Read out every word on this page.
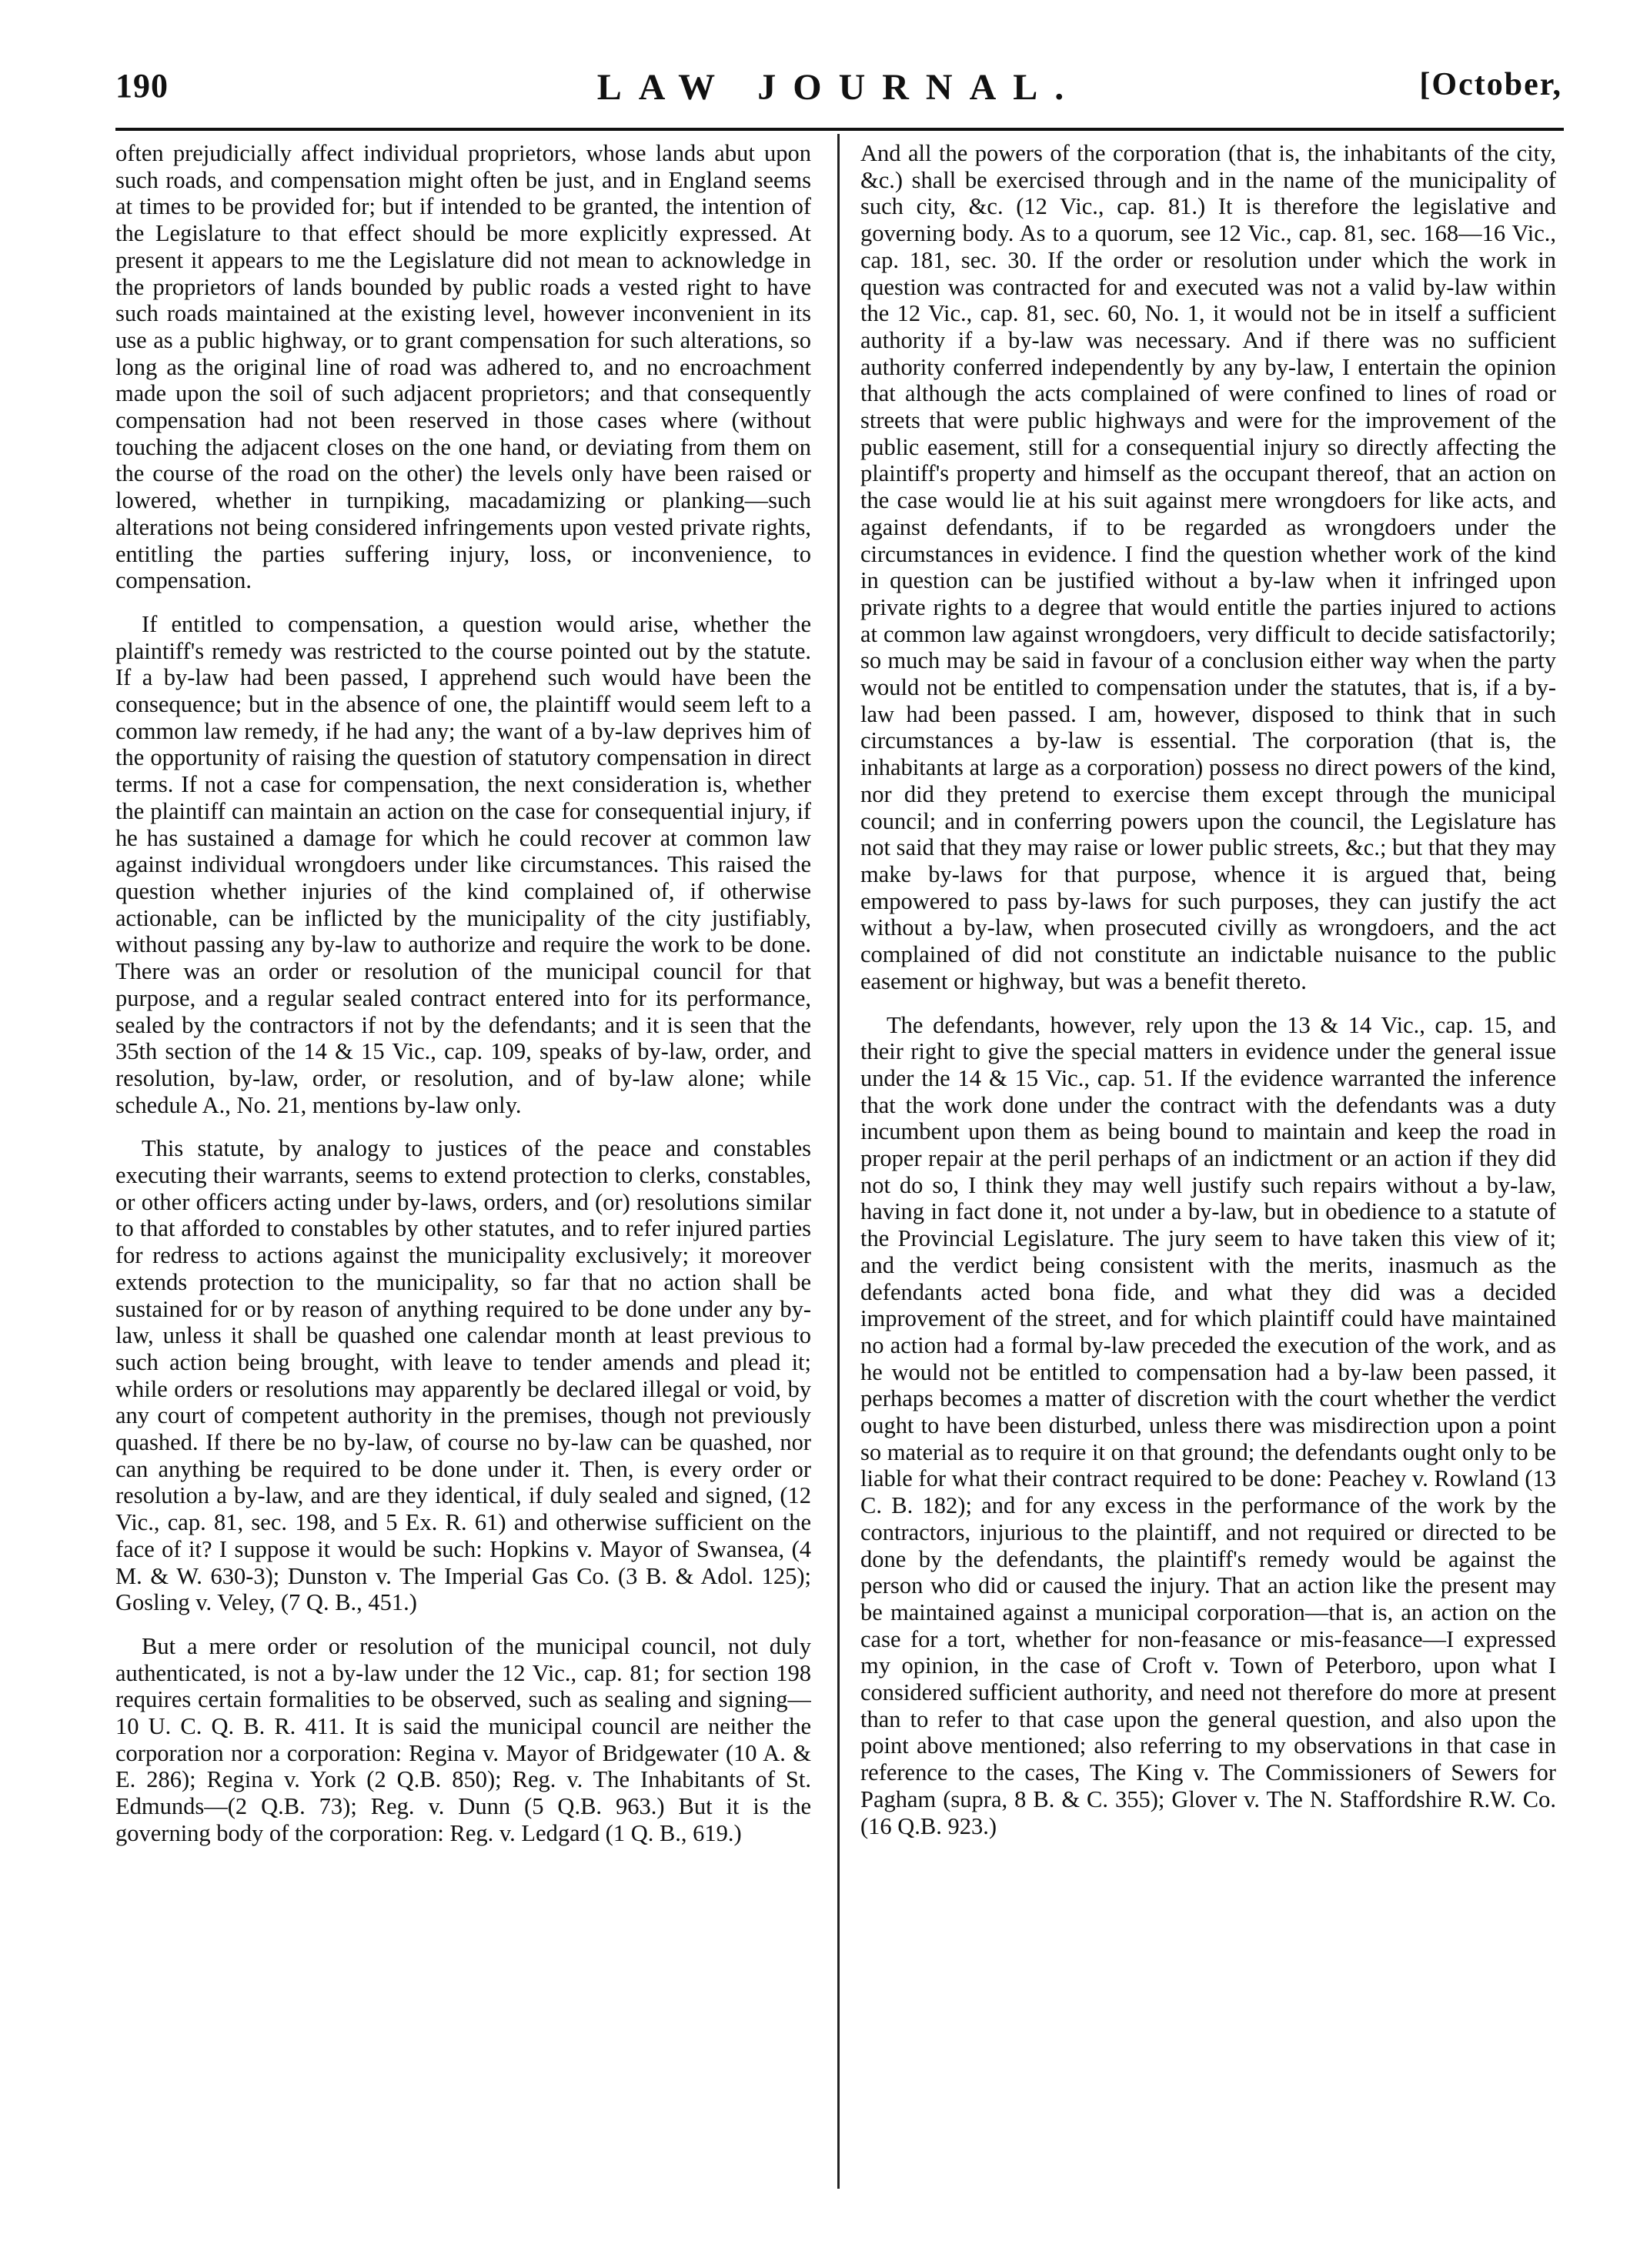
190	LAW JOURNAL.	[October,

often prejudicially affect individual proprietors, whose lands abut upon such roads, and compensation might often be just, and in England seems at times to be provided for; but if intended to be granted, the intention of the Legislature to that effect should be more explicitly expressed. At present it appears to me the Legislature did not mean to acknowledge in the proprietors of lands bounded by public roads a vested right to have such roads maintained at the existing level, however inconvenient in its use as a public highway, or to grant compensation for such alterations, so long as the original line of road was adhered to, and no encroachment made upon the soil of such adjacent proprietors; and that consequently compensation had not been reserved in those cases where (without touching the adjacent closes on the one hand, or deviating from them on the course of the road on the other) the levels only have been raised or lowered, whether in turnpiking, macadamizing or planking—such alterations not being considered infringements upon vested private rights, entitling the parties suffering injury, loss, or inconvenience, to compensation.

If entitled to compensation, a question would arise, whether the plaintiff's remedy was restricted to the course pointed out by the statute. If a by-law had been passed, I apprehend such would have been the consequence; but in the absence of one, the plaintiff would seem left to a common law remedy, if he had any; the want of a by-law deprives him of the opportunity of raising the question of statutory compensation in direct terms. If not a case for compensation, the next consideration is, whether the plaintiff can maintain an action on the case for consequential injury, if he has sustained a damage for which he could recover at common law against individual wrongdoers under like circumstances. This raised the question whether injuries of the kind complained of, if otherwise actionable, can be inflicted by the municipality of the city justifiably, without passing any by-law to authorize and require the work to be done. There was an order or resolution of the municipal council for that purpose, and a regular sealed contract entered into for its performance, sealed by the contractors if not by the defendants; and it is seen that the 35th section of the 14 & 15 Vic., cap. 109, speaks of by-law, order, and resolution, by-law, order, or resolution, and of by-law alone; while schedule A., No. 21, mentions by-law only.

This statute, by analogy to justices of the peace and constables executing their warrants, seems to extend protection to clerks, constables, or other officers acting under by-laws, orders, and (or) resolutions similar to that afforded to constables by other statutes, and to refer injured parties for redress to actions against the municipality exclusively; it moreover extends protection to the municipality, so far that no action shall be sustained for or by reason of anything required to be done under any by-law, unless it shall be quashed one calendar month at least previous to such action being brought, with leave to tender amends and plead it; while orders or resolutions may apparently be declared illegal or void, by any court of competent authority in the premises, though not previously quashed. If there be no by-law, of course no by-law can be quashed, nor can anything be required to be done under it. Then, is every order or resolution a by-law, and are they identical, if duly sealed and signed, (12 Vic., cap. 81, sec. 198, and 5 Ex. R. 61) and otherwise sufficient on the face of it? I suppose it would be such: Hopkins v. Mayor of Swansea, (4 M. & W. 630-3); Dunston v. The Imperial Gas Co. (3 B. & Adol. 125); Gosling v. Veley, (7 Q. B., 451.)

But a mere order or resolution of the municipal council, not duly authenticated, is not a by-law under the 12 Vic., cap. 81; for section 198 requires certain formalities to be observed, such as sealing and signing—10 U. C. Q. B. R. 411. It is said the municipal council are neither the corporation nor a corporation: Regina v. Mayor of Bridgewater (10 A. & E. 286); Regina v. York (2 Q.B. 850); Reg. v. The Inhabitants of St. Edmunds—(2 Q.B. 73); Reg. v. Dunn (5 Q.B. 963.) But it is the governing body of the corporation: Reg. v. Ledgard (1 Q. B., 619.)

And all the powers of the corporation (that is, the inhabitants of the city, &c.) shall be exercised through and in the name of the municipality of such city, &c. (12 Vic., cap. 81.) It is therefore the legislative and governing body. As to a quorum, see 12 Vic., cap. 81, sec. 168—16 Vic., cap. 181, sec. 30. If the order or resolution under which the work in question was contracted for and executed was not a valid by-law within the 12 Vic., cap. 81, sec. 60, No. 1, it would not be in itself a sufficient authority if a by-law was necessary. And if there was no sufficient authority conferred independently by any by-law, I entertain the opinion that although the acts complained of were confined to lines of road or streets that were public highways and were for the improvement of the public easement, still for a consequential injury so directly affecting the plaintiff's property and himself as the occupant thereof, that an action on the case would lie at his suit against mere wrongdoers for like acts, and against defendants, if to be regarded as wrongdoers under the circumstances in evidence. I find the question whether work of the kind in question can be justified without a by-law when it infringed upon private rights to a degree that would entitle the parties injured to actions at common law against wrongdoers, very difficult to decide satisfactorily; so much may be said in favour of a conclusion either way when the party would not be entitled to compensation under the statutes, that is, if a by-law had been passed. I am, however, disposed to think that in such circumstances a by-law is essential. The corporation (that is, the inhabitants at large as a corporation) possess no direct powers of the kind, nor did they pretend to exercise them except through the municipal council; and in conferring powers upon the council, the Legislature has not said that they may raise or lower public streets, &c.; but that they may make by-laws for that purpose, whence it is argued that, being empowered to pass by-laws for such purposes, they can justify the act without a by-law, when prosecuted civilly as wrongdoers, and the act complained of did not constitute an indictable nuisance to the public easement or highway, but was a benefit thereto.

The defendants, however, rely upon the 13 & 14 Vic., cap. 15, and their right to give the special matters in evidence under the general issue under the 14 & 15 Vic., cap. 51. If the evidence warranted the inference that the work done under the contract with the defendants was a duty incumbent upon them as being bound to maintain and keep the road in proper repair at the peril perhaps of an indictment or an action if they did not do so, I think they may well justify such repairs without a by-law, having in fact done it, not under a by-law, but in obedience to a statute of the Provincial Legislature. The jury seem to have taken this view of it; and the verdict being consistent with the merits, inasmuch as the defendants acted bona fide, and what they did was a decided improvement of the street, and for which plaintiff could have maintained no action had a formal by-law preceded the execution of the work, and as he would not be entitled to compensation had a by-law been passed, it perhaps becomes a matter of discretion with the court whether the verdict ought to have been disturbed, unless there was misdirection upon a point so material as to require it on that ground; the defendants ought only to be liable for what their contract required to be done: Peachey v. Rowland (13 C. B. 182); and for any excess in the performance of the work by the contractors, injurious to the plaintiff, and not required or directed to be done by the defendants, the plaintiff's remedy would be against the person who did or caused the injury. That an action like the present may be maintained against a municipal corporation—that is, an action on the case for a tort, whether for non-feasance or mis-feasance—I expressed my opinion, in the case of Croft v. Town of Peterboro, upon what I considered sufficient authority, and need not therefore do more at present than to refer to that case upon the general question, and also upon the point above mentioned; also referring to my observations in that case in reference to the cases, The King v. The Commissioners of Sewers for Pagham (supra, 8 B. & C. 355); Glover v. The N. Staffordshire R.W. Co. (16 Q.B. 923.)
